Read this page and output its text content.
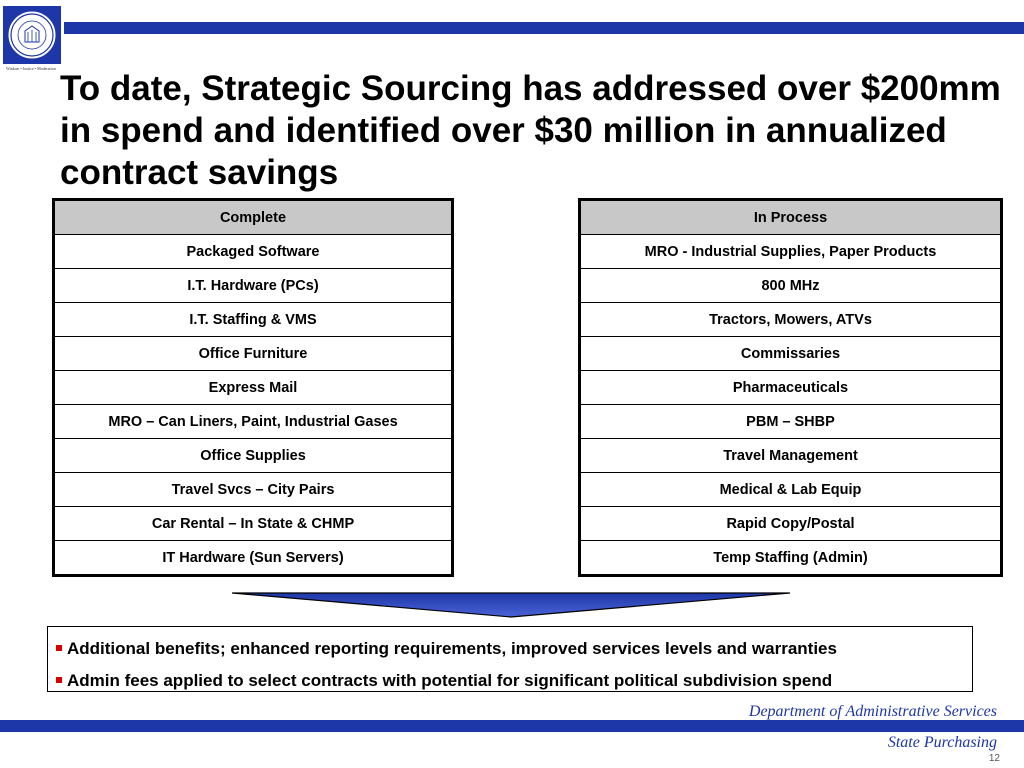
Wisdom • Justice • Moderation
To date, Strategic Sourcing has addressed over $200mm in spend and identified over $30 million in annualized contract savings
Complete
Packaged Software
I.T. Hardware (PCs)
I.T. Staffing & VMS
Office Furniture
Express Mail
MRO – Can Liners, Paint, Industrial Gases
Office Supplies
Travel Svcs – City Pairs
Car Rental – In State & CHMP
IT Hardware (Sun Servers)
In Process
MRO - Industrial Supplies, Paper Products
800 MHz
Tractors, Mowers, ATVs
Commissaries
Pharmaceuticals
PBM – SHBP
Travel Management
Medical & Lab Equip
Rapid Copy/Postal
Temp Staffing (Admin)
Additional benefits; enhanced reporting requirements, improved services levels and warranties
Admin fees applied to select contracts with potential for significant political subdivision spend
Department of Administrative Services
State Purchasing
12
